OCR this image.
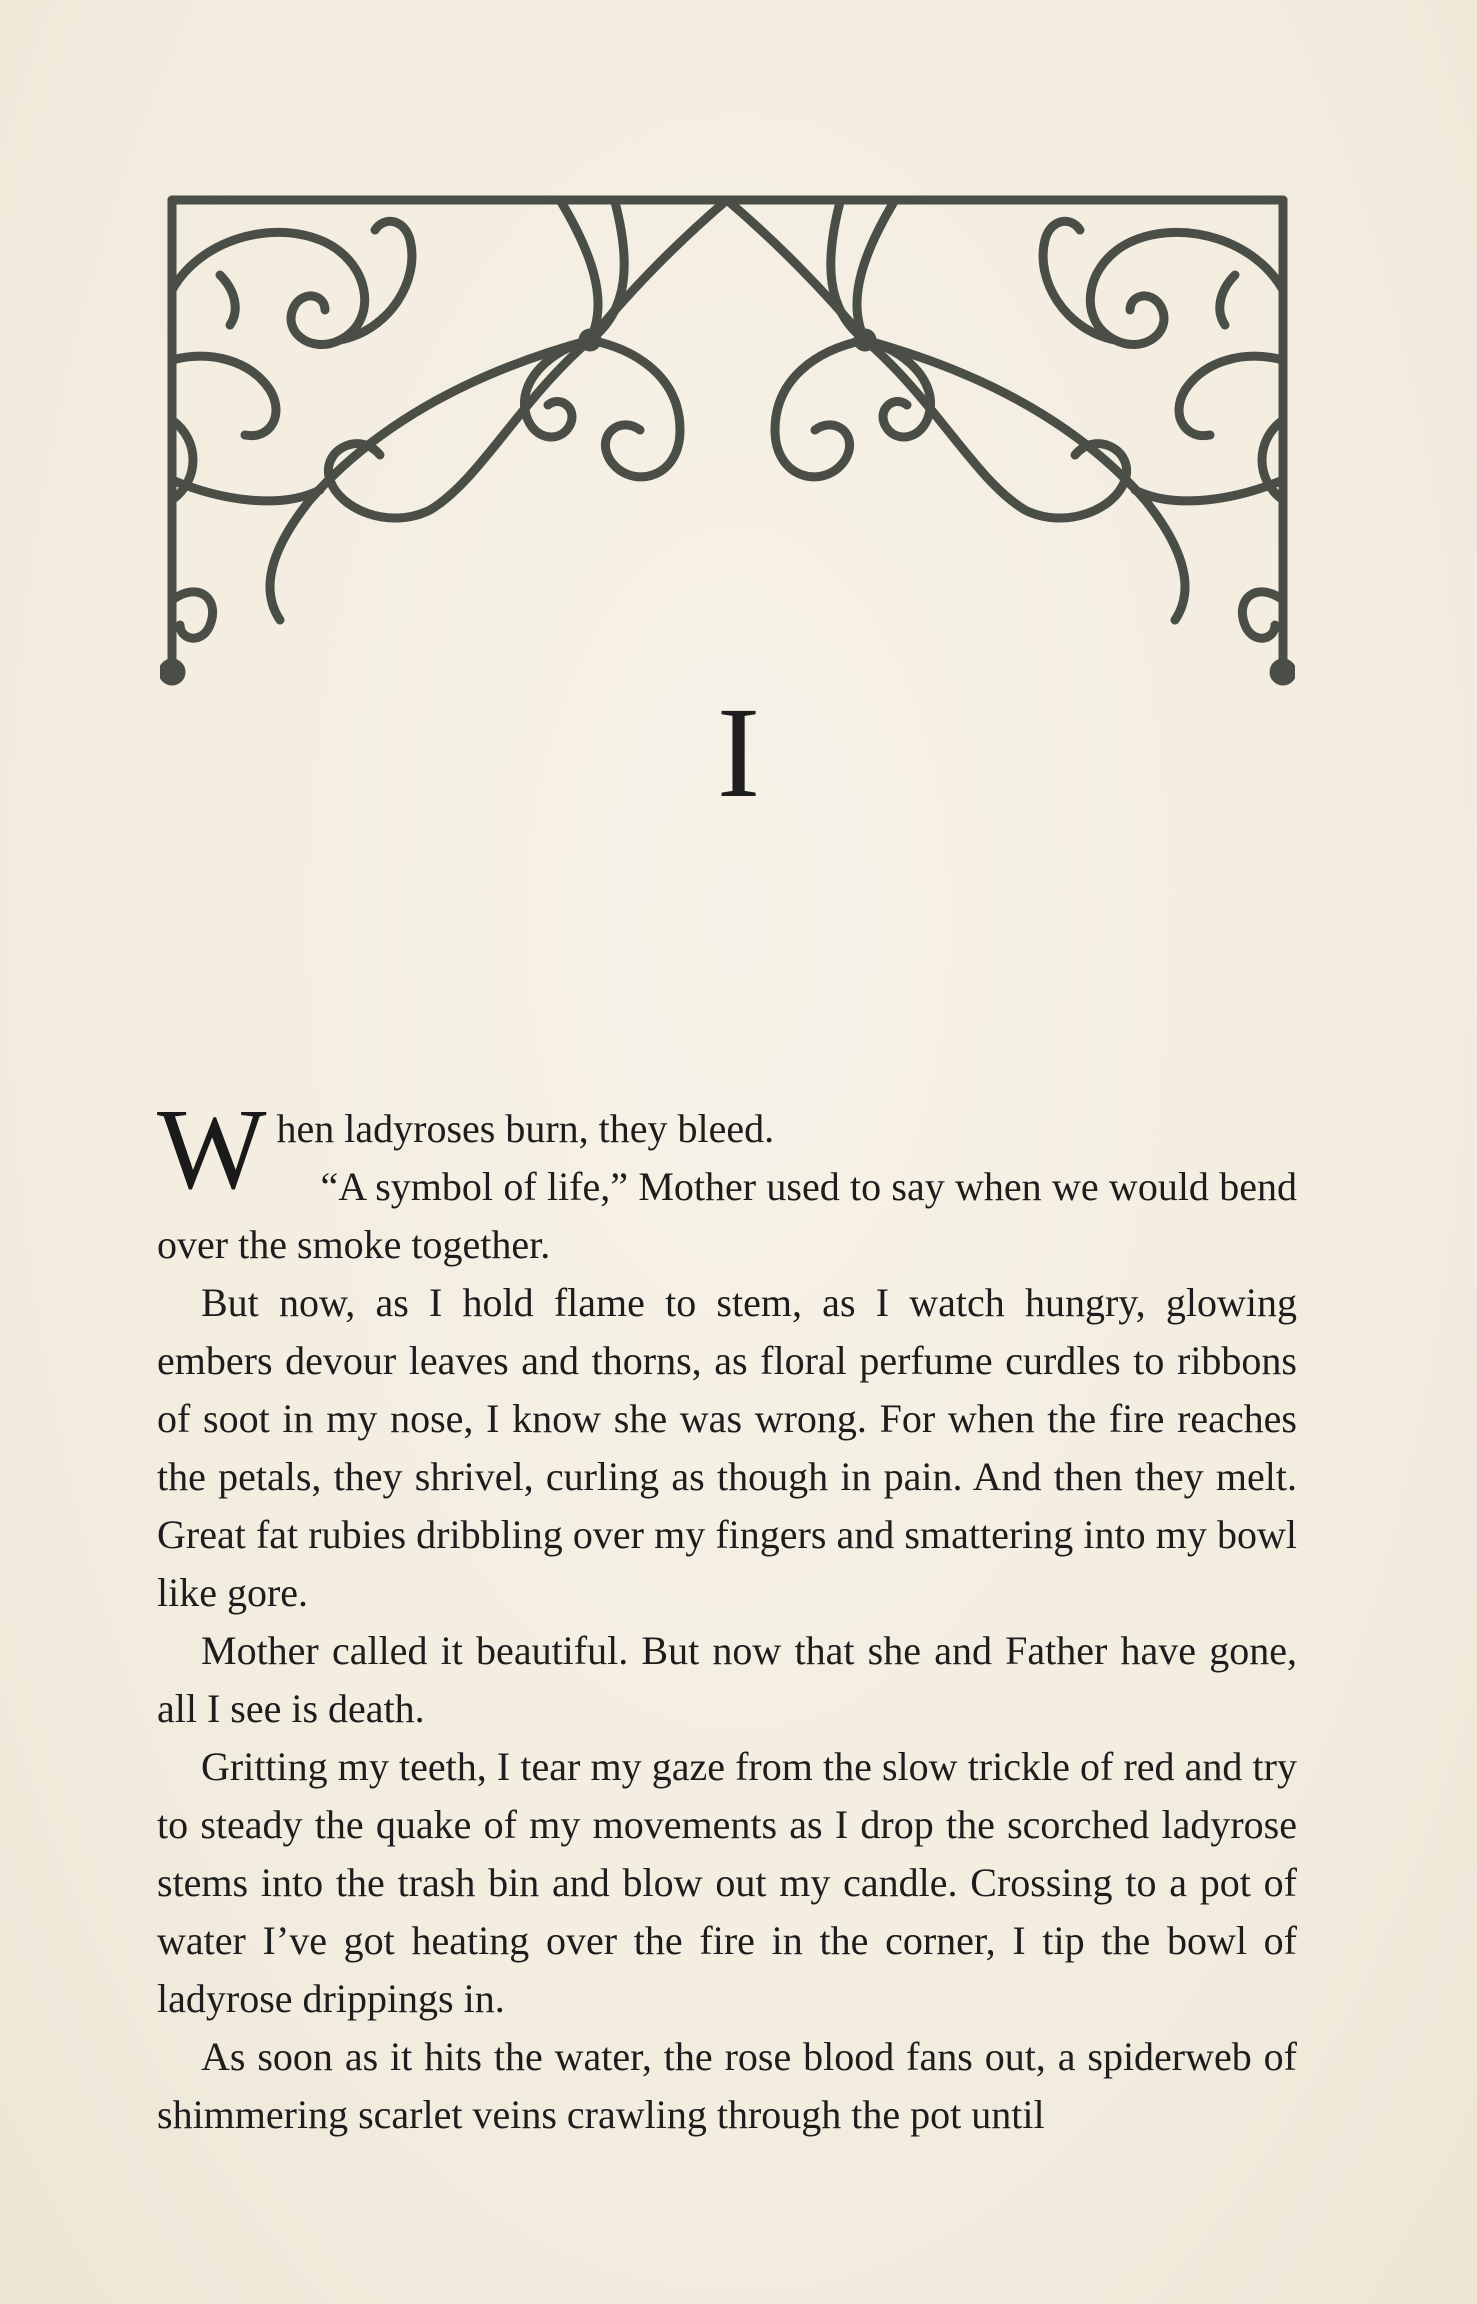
I

When ladyroses burn, they bleed.

“A symbol of life,” Mother used to say when we would bend over the smoke together.

But now, as I hold flame to stem, as I watch hungry, glowing embers devour leaves and thorns, as floral perfume curdles to ribbons of soot in my nose, I know she was wrong. For when the fire reaches the petals, they shrivel, curling as though in pain. And then they melt. Great fat rubies dribbling over my fingers and smattering into my bowl like gore.

Mother called it beautiful. But now that she and Father have gone, all I see is death.

Gritting my teeth, I tear my gaze from the slow trickle of red and try to steady the quake of my movements as I drop the scorched ladyrose stems into the trash bin and blow out my candle. Crossing to a pot of water I’ve got heating over the fire in the corner, I tip the bowl of ladyrose drippings in.

As soon as it hits the water, the rose blood fans out, a spiderweb of shimmering scarlet veins crawling through the pot until
